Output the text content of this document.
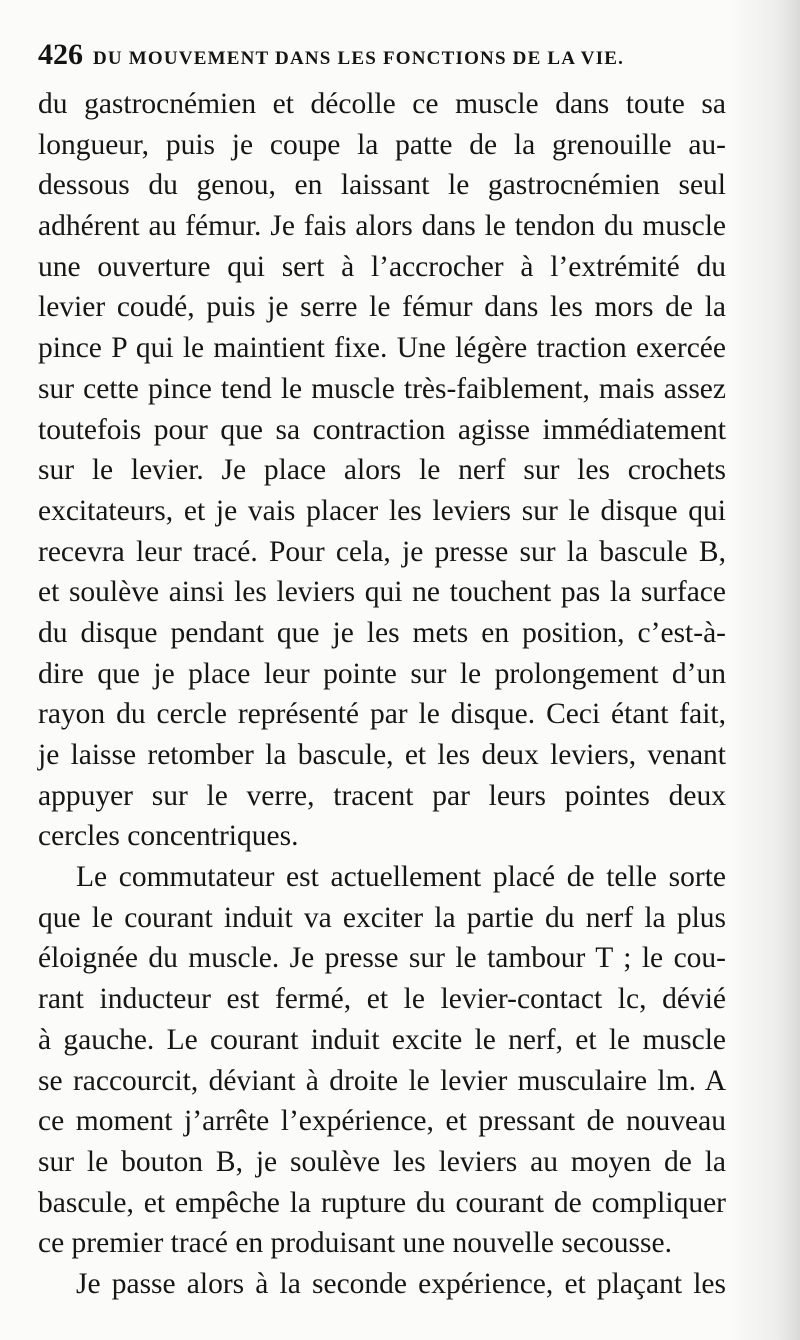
426 DU MOUVEMENT DANS LES FONCTIONS DE LA VIE.
du gastrocnémien et décolle ce muscle dans toute sa
longueur, puis je coupe la patte de la grenouille au-
dessous du genou, en laissant le gastrocnémien seul
adhérent au fémur. Je fais alors dans le tendon du muscle
une ouverture qui sert à l’accrocher à l’extrémité du
levier coudé, puis je serre le fémur dans les mors de la
pince P qui le maintient fixe. Une légère traction exercée
sur cette pince tend le muscle très-faiblement, mais assez
toutefois pour que sa contraction agisse immédiatement
sur le levier. Je place alors le nerf sur les crochets
excitateurs, et je vais placer les leviers sur le disque qui
recevra leur tracé. Pour cela, je presse sur la bascule B,
et soulève ainsi les leviers qui ne touchent pas la surface
du disque pendant que je les mets en position, c’est-à-
dire que je place leur pointe sur le prolongement d’un
rayon du cercle représenté par le disque. Ceci étant fait,
je laisse retomber la bascule, et les deux leviers, venant
appuyer sur le verre, tracent par leurs pointes deux
cercles concentriques.
Le commutateur est actuellement placé de telle sorte
que le courant induit va exciter la partie du nerf la plus
éloignée du muscle. Je presse sur le tambour T ; le cou-
rant inducteur est fermé, et le levier-contact lc, dévié
à gauche. Le courant induit excite le nerf, et le muscle
se raccourcit, déviant à droite le levier musculaire lm. A
ce moment j’arrête l’expérience, et pressant de nouveau
sur le bouton B, je soulève les leviers au moyen de la
bascule, et empêche la rupture du courant de compliquer
ce premier tracé en produisant une nouvelle secousse.
Je passe alors à la seconde expérience, et plaçant les
